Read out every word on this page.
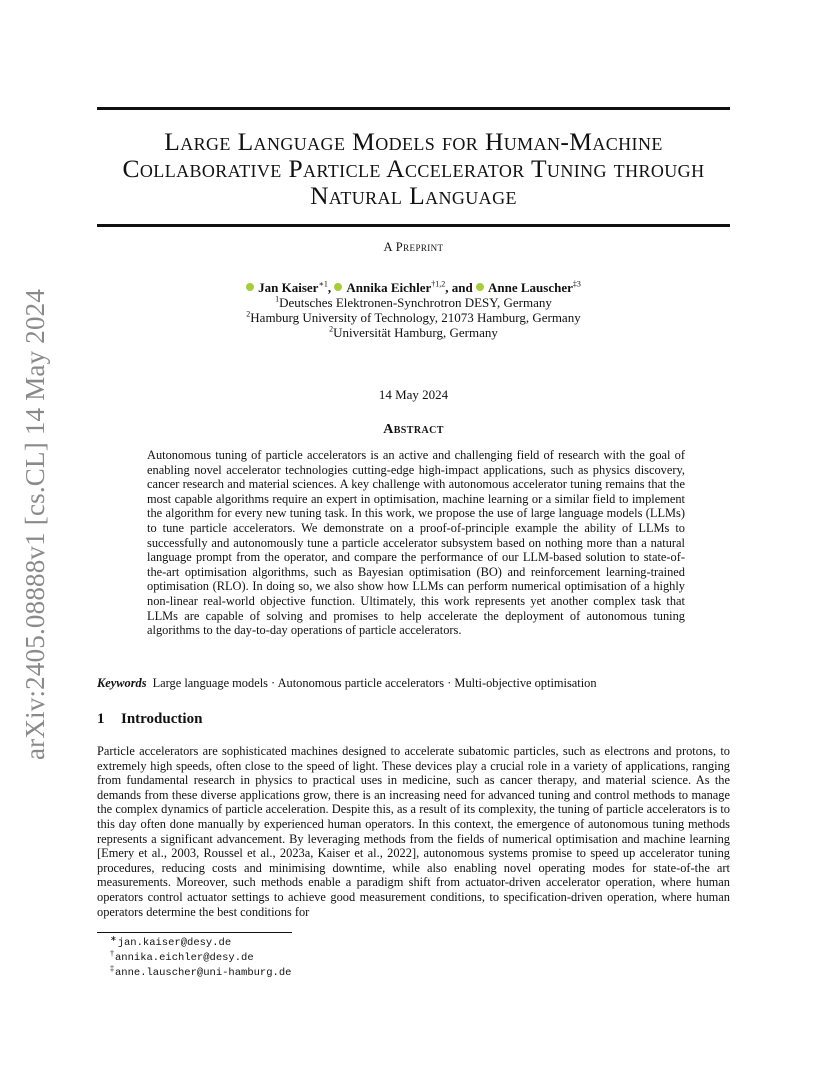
arXiv:2405.08888v1 [cs.CL] 14 May 2024
Large Language Models for Human-Machine
Collaborative Particle Accelerator Tuning through
Natural Language
A Preprint
Jan Kaiser$^{∗1}$, Annika Eichler$^{\dagger 1,2}$, and Anne Lauscher$^{\ddagger 3}$
$^1$Deutsches Elektronen-Synchrotron DESY, Germany
$^2$Hamburg University of Technology, 21073 Hamburg, Germany
$^2$Universität Hamburg, Germany
14 May 2024
Abstract
Autonomous tuning of particle accelerators is an active and challenging field of research with the goal of enabling novel accelerator technologies cutting-edge high-impact applications, such as physics discovery, cancer research and material sciences. A key challenge with autonomous accelerator tuning remains that the most capable algorithms require an expert in optimisation, machine learning or a similar field to implement the algorithm for every new tuning task. In this work, we propose the use of large language models (LLMs) to tune particle accelerators. We demonstrate on a proof-of-principle example the ability of LLMs to successfully and autonomously tune a particle accelerator subsystem based on nothing more than a natural language prompt from the operator, and compare the performance of our LLM-based solution to state-of-the-art optimisation algorithms, such as Bayesian optimisation (BO) and reinforcement learning-trained optimisation (RLO). In doing so, we also show how LLMs can perform numerical optimisation of a highly non-linear real-world objective function. Ultimately, this work represents yet another complex task that LLMs are capable of solving and promises to help accelerate the deployment of autonomous tuning algorithms to the day-to-day operations of particle accelerators.
Keywords Large language models · Autonomous particle accelerators · Multi-objective optimisation
1 Introduction
Particle accelerators are sophisticated machines designed to accelerate subatomic particles, such as electrons and protons, to extremely high speeds, often close to the speed of light. These devices play a crucial role in a variety of applications, ranging from fundamental research in physics to practical uses in medicine, such as cancer therapy, and material science. As the demands from these diverse applications grow, there is an increasing need for advanced tuning and control methods to manage the complex dynamics of particle acceleration. Despite this, as a result of its complexity, the tuning of particle accelerators is to this day often done manually by experienced human operators. In this context, the emergence of autonomous tuning methods represents a significant advancement. By leveraging methods from the fields of numerical optimisation and machine learning [Emery et al., 2003, Roussel et al., 2023a, Kaiser et al., 2022], autonomous systems promise to speed up accelerator tuning procedures, reducing costs and minimising downtime, while also enabling novel operating modes for state-of-the art measurements. Moreover, such methods enable a paradigm shift from actuator-driven accelerator operation, where human operators control actuator settings to achieve good measurement conditions, to specification-driven operation, where human operators determine the best conditions for
∗jan.kaiser@desy.de
†annika.eichler@desy.de
‡anne.lauscher@uni-hamburg.de
